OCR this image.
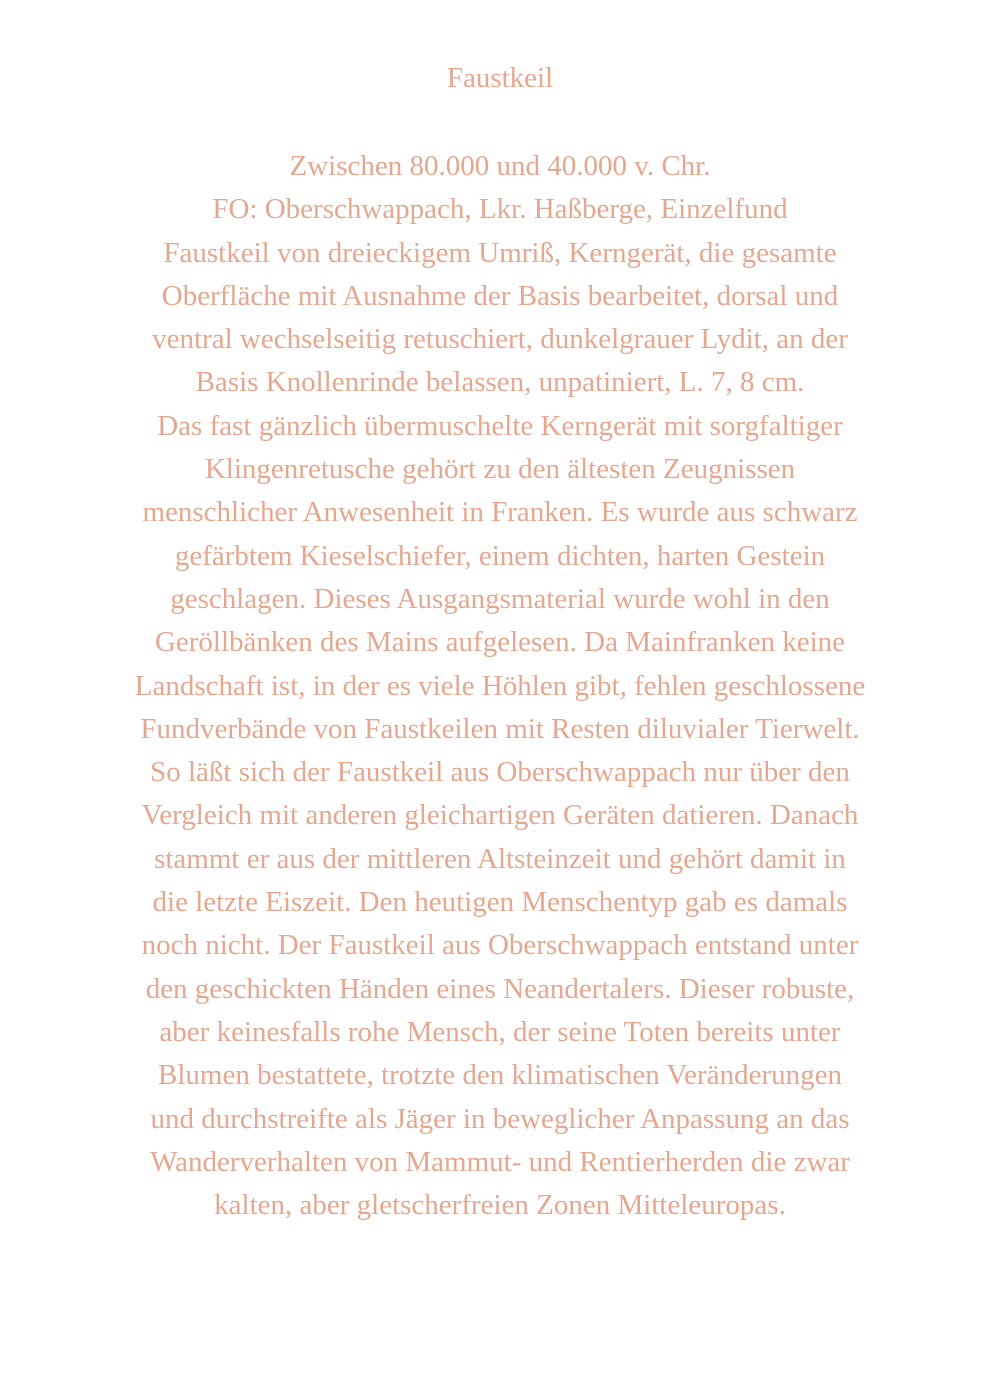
Faustkeil

Zwischen 80.000 und 40.000 v. Chr.

FO: Oberschwappach, Lkr. Haßberge, Einzelfund

Faustkeil von dreieckigem Umriß, Kerngerät, die gesamte

Oberfläche mit Ausnahme der Basis bearbeitet, dorsal und

ventral wechselseitig retuschiert, dunkelgrauer Lydit, an der

Basis Knollenrinde belassen, unpatiniert, L. 7, 8 cm.

Das fast gänzlich übermuschelte Kerngerät mit sorgfaltiger

Klingenretusche gehört zu den ältesten Zeugnissen

menschlicher Anwesenheit in Franken. Es wurde aus schwarz

gefärbtem Kieselschiefer, einem dichten, harten Gestein

geschlagen. Dieses Ausgangsmaterial wurde wohl in den

Geröllbänken des Mains aufgelesen. Da Mainfranken keine

Landschaft ist, in der es viele Höhlen gibt, fehlen geschlossene

Fundverbände von Faustkeilen mit Resten diluvialer Tierwelt.

So läßt sich der Faustkeil aus Oberschwappach nur über den

Vergleich mit anderen gleichartigen Geräten datieren. Danach

stammt er aus der mittleren Altsteinzeit und gehört damit in

die letzte Eiszeit. Den heutigen Menschentyp gab es damals

noch nicht. Der Faustkeil aus Oberschwappach entstand unter

den geschickten Händen eines Neandertalers. Dieser robuste,

aber keinesfalls rohe Mensch, der seine Toten bereits unter

Blumen bestattete, trotzte den klimatischen Veränderungen

und durchstreifte als Jäger in beweglicher Anpassung an das

Wanderverhalten von Mammut- und Rentierherden die zwar

kalten, aber gletscherfreien Zonen Mitteleuropas.
